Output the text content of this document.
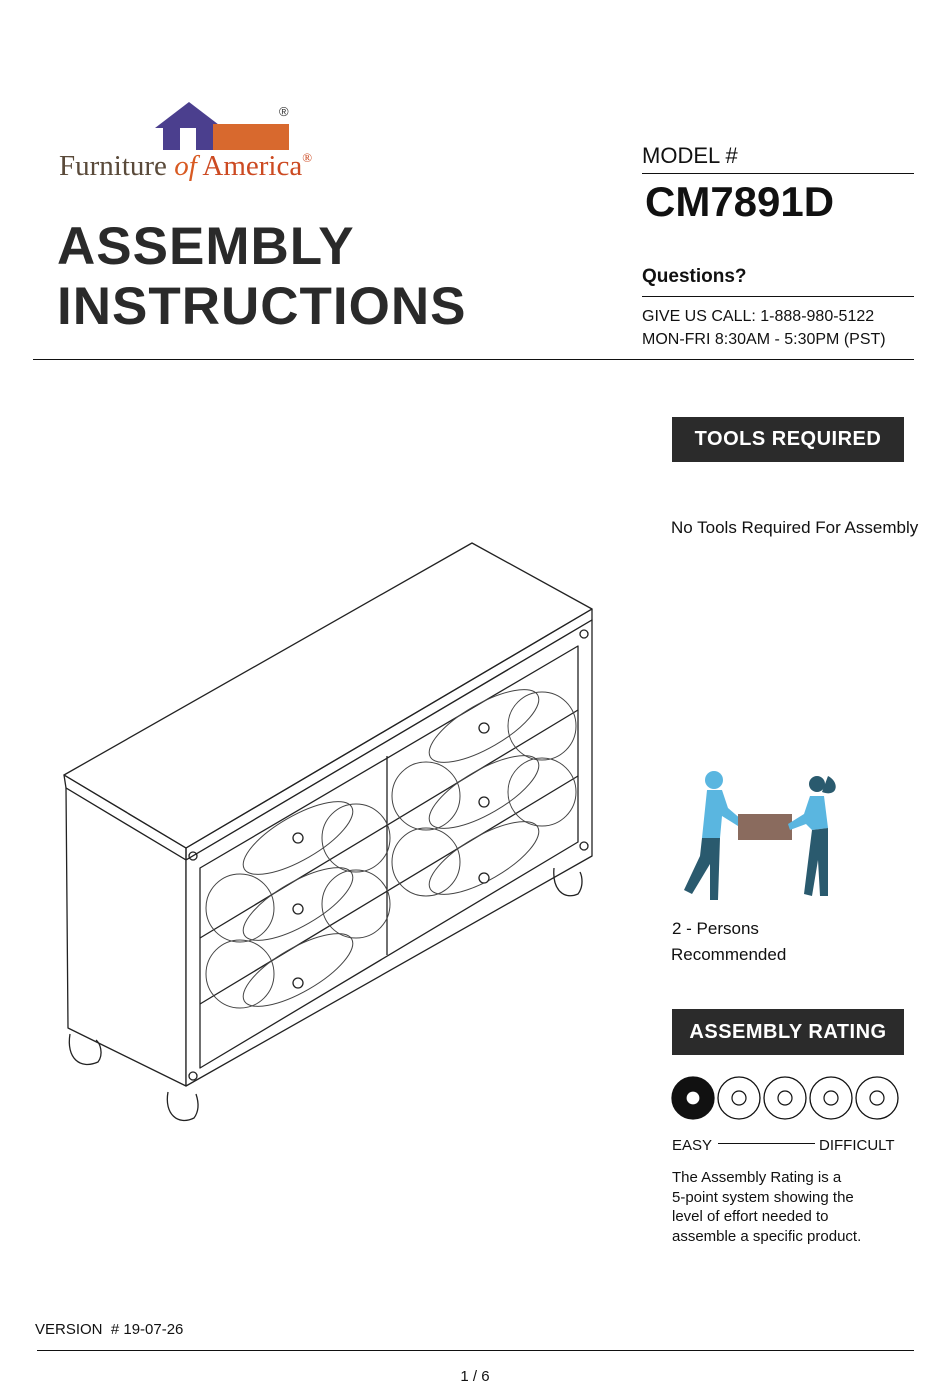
®
Furniture of America®
ASSEMBLY
INSTRUCTIONS
MODEL #
CM7891D
Questions?
GIVE US CALL: 1-888-980-5122
MON-FRI 8:30AM - 5:30PM (PST)
TOOLS REQUIRED
No Tools Required For Assembly
2 - Persons
Recommended
ASSEMBLY RATING
EASY	DIFFICULT
The Assembly Rating is a
5-point system showing the
level of effort needed to
assemble a specific product.
VERSION  # 19-07-26
1 / 6
